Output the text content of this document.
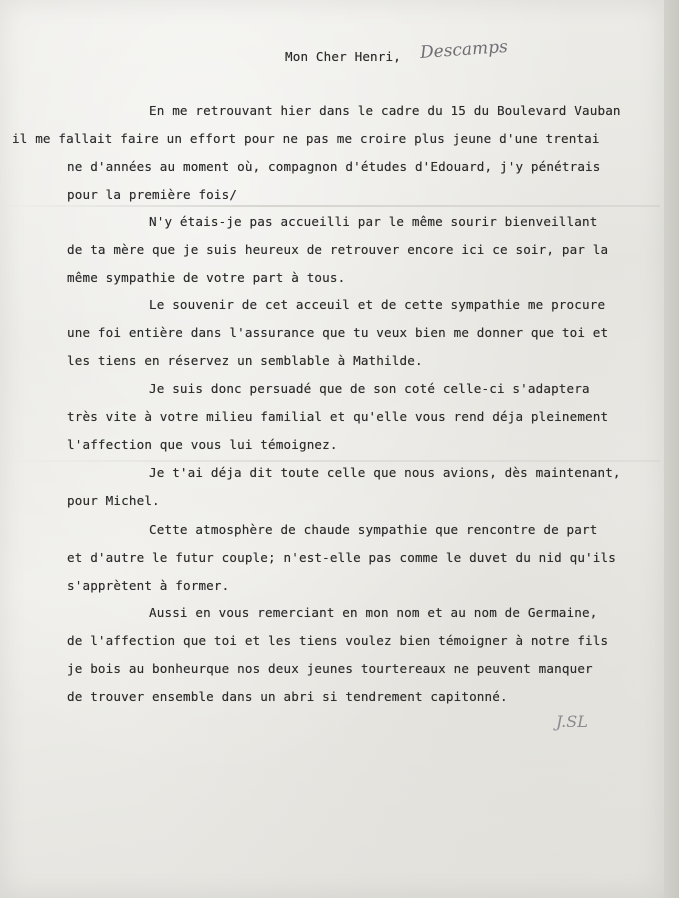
Mon Cher Henri, Descamps
En me retrouvant hier dans le cadre du 15 du Boulevard Vauban
il me fallait faire un effort pour ne pas me croire plus jeune d'une trentai
ne d'années au moment où, compagnon d'études d'Edouard, j'y pénétrais
pour la première fois/
N'y étais-je pas accueilli par le même sourir bienveillant
de ta mère que je suis heureux de retrouver encore ici ce soir, par la
même sympathie de votre part à tous.
Le souvenir de cet acceuil et de cette sympathie me procure
une foi entière dans l'assurance que tu veux bien me donner que toi et
les tiens en réservez un semblable à Mathilde.
Je suis donc persuadé que de son coté celle-ci s'adaptera
très vite à votre milieu familial et qu'elle vous rend déja pleinement
l'affection que vous lui témoignez.
Je t'ai déja dit toute celle que nous avions, dès maintenant,
pour Michel.
Cette atmosphère de chaude sympathie que rencontre de part
et d'autre le futur couple; n'est-elle pas comme le duvet du nid qu'ils
s'apprètent à former.
Aussi en vous remerciant en mon nom et au nom de Germaine,
de l'affection que toi et les tiens voulez bien témoigner à notre fils
je bois au bonheurque nos deux jeunes tourtereaux ne peuvent manquer
de trouver ensemble dans un abri si tendrement capitonné.
J.SL
